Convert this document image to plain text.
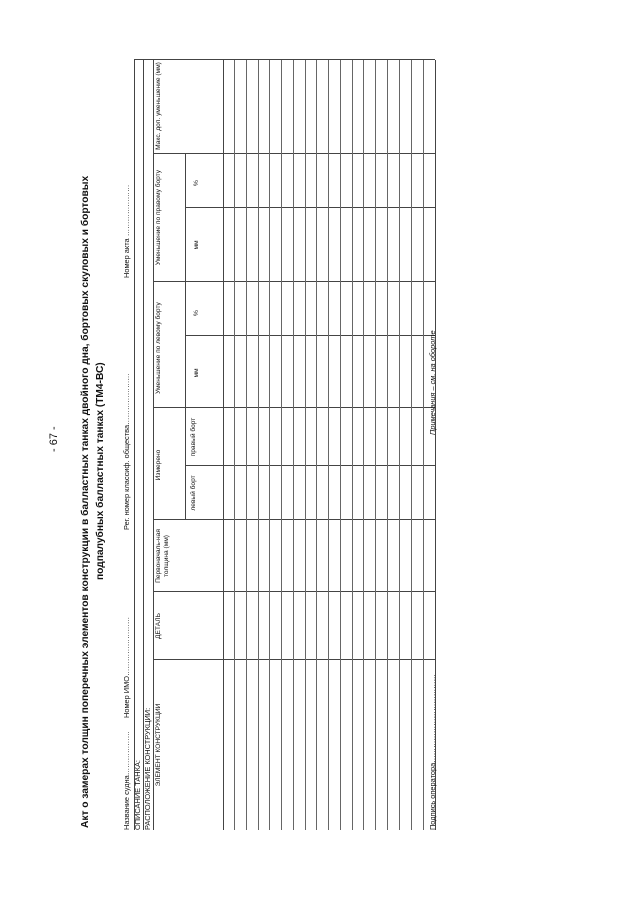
- 67 - Акт о замерах толщин поперечных элементов конструкции в балластных танках двойного дна, бортовых скуловых и бортовых подпалубных балластных танках (ТМ4-ВС)
Название судна………………
Номер ИМО……………………
Рег. номер классиф. общества…………………
Номер акта …………………
ОПИСАНИЕ ТАНКА: РАСПОЛОЖЕНИЕ КОНСТРУКЦИИ: ЭЛЕМЕНТ КОНСТРУКЦИИ
ДЕТАЛЬ
Первоначаль-ная толщина (мм)
Измерено
левый борт
правый борт
Уменьшение по левому борту	мм
%
Уменьшение по правому борту	мм
%
Макс. доп. уменьшение (мм)
Подпись оператора………………………………
Примечания – см. на обороте
